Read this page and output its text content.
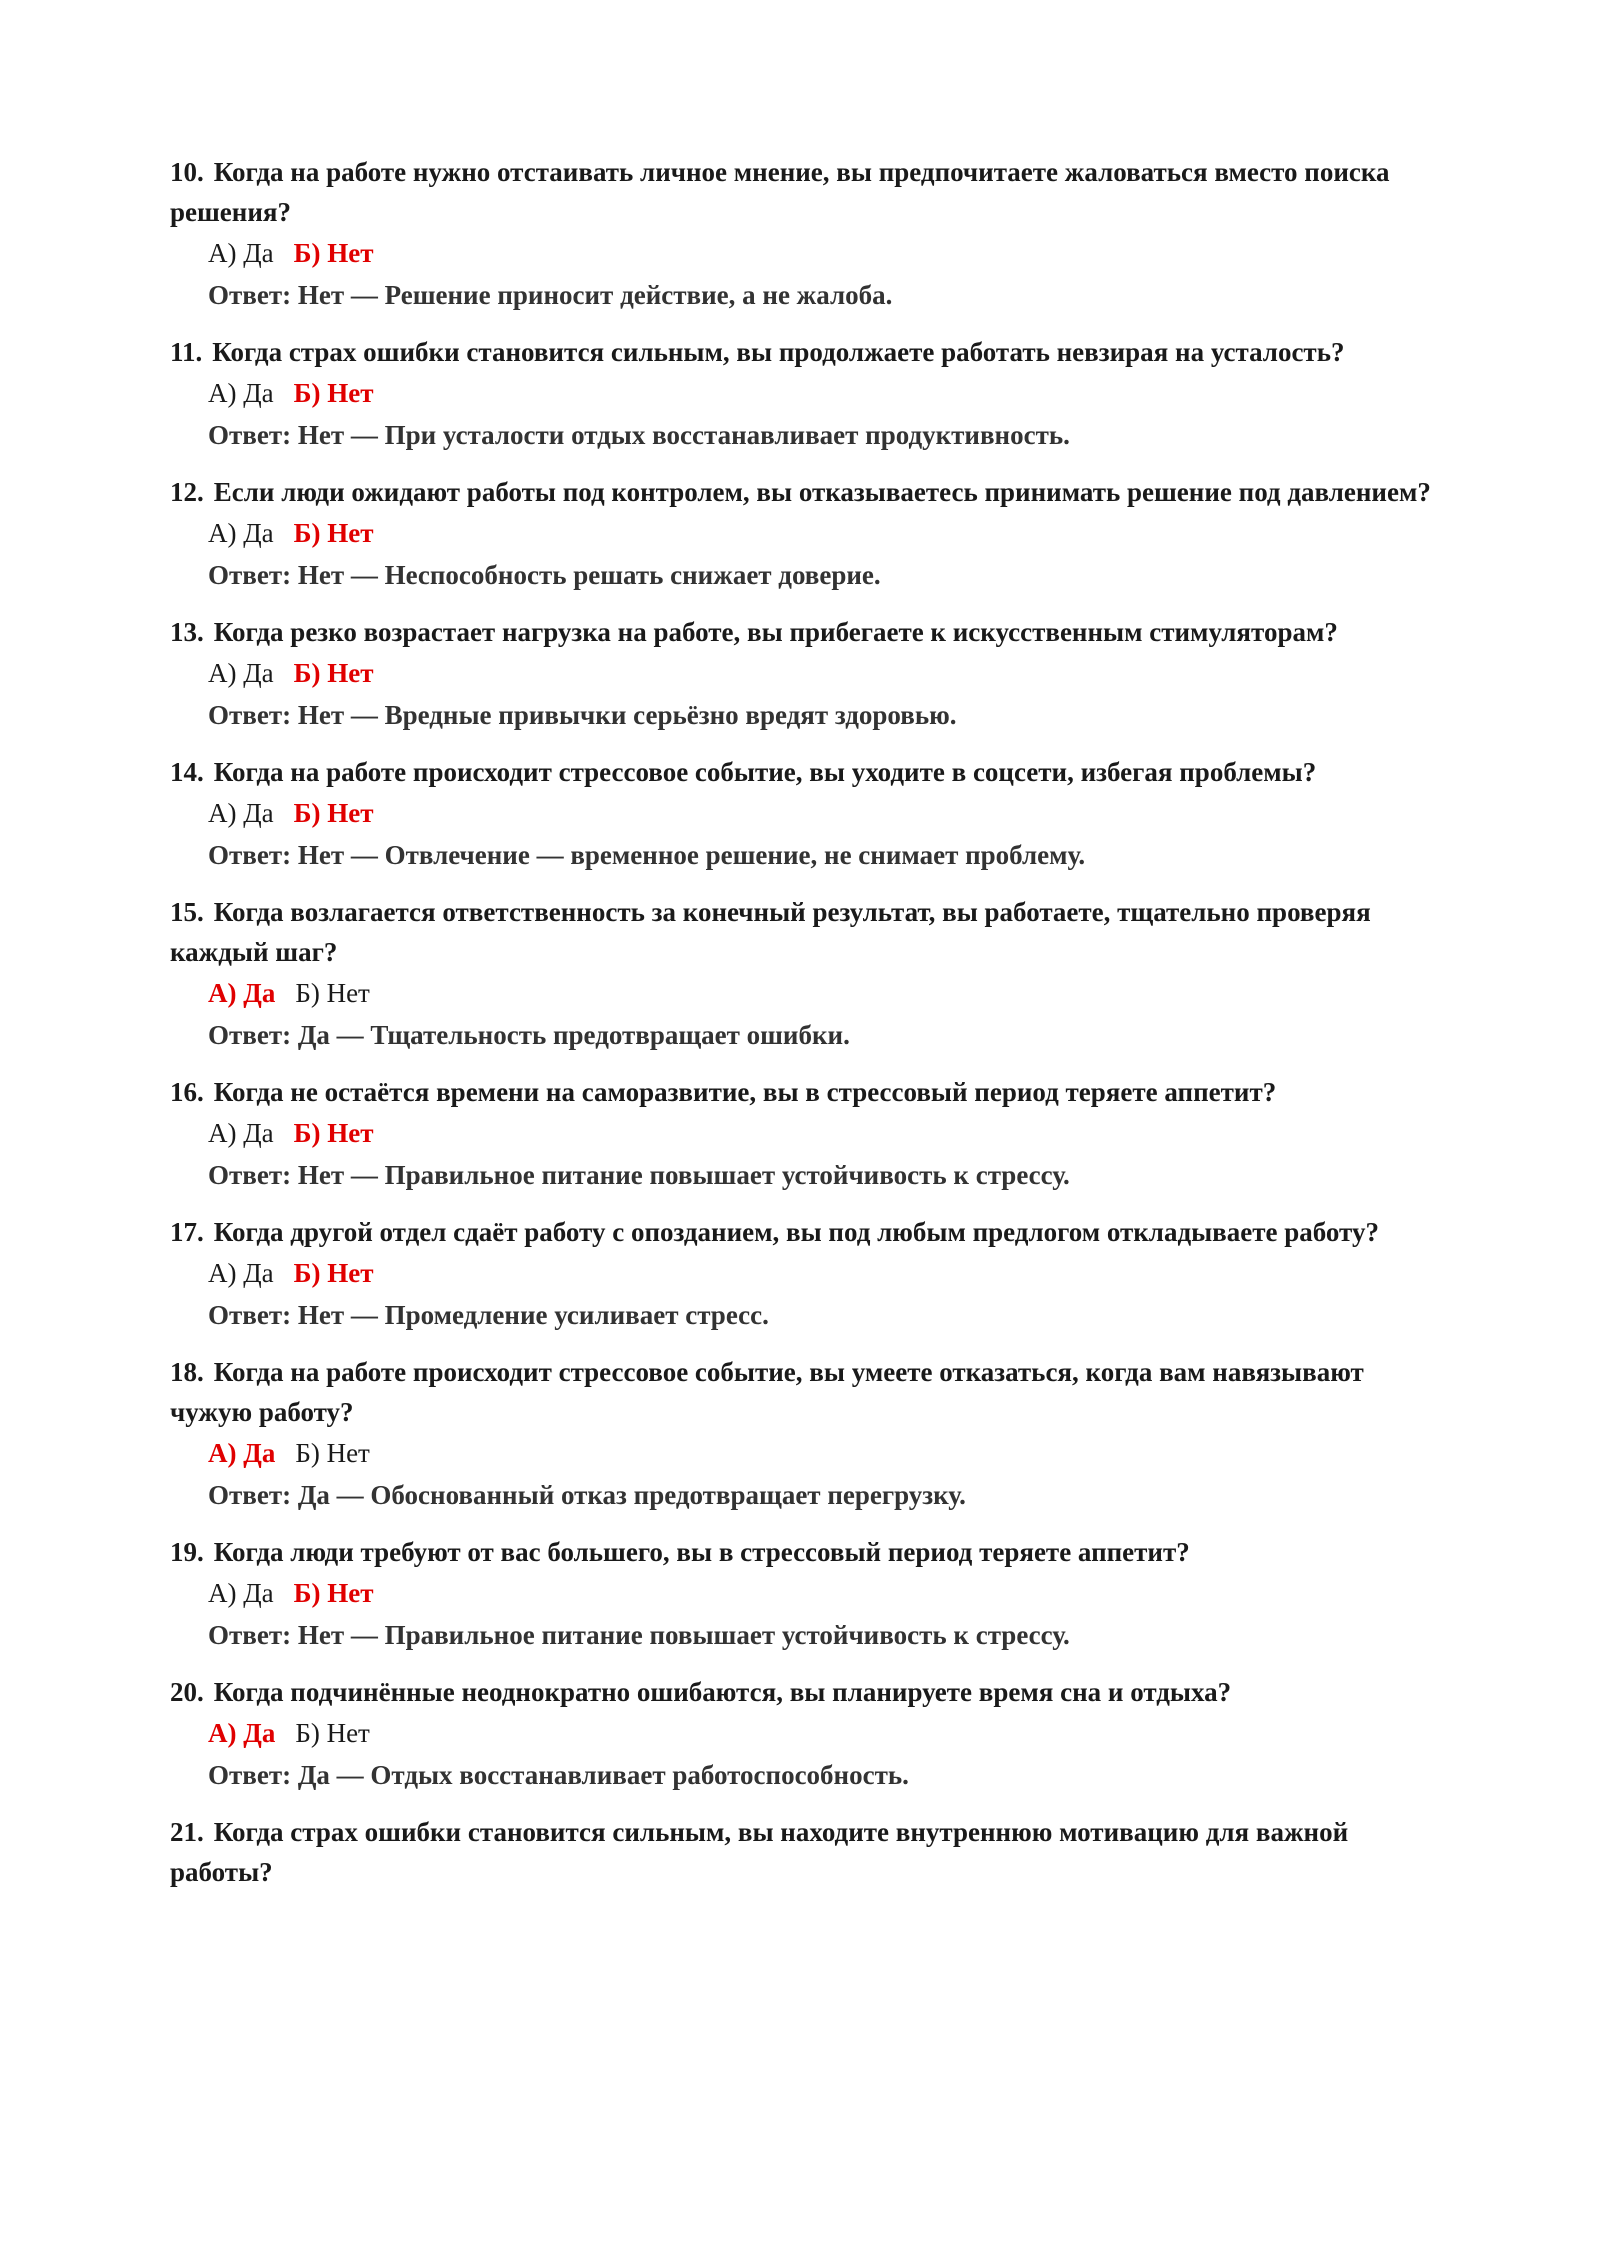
10. Когда на работе нужно отстаивать личное мнение, вы предпочитаете жаловаться вместо поиска решения?
А) Да Б) Нет
Ответ: Нет — Решение приносит действие, а не жалоба.
11. Когда страх ошибки становится сильным, вы продолжаете работать невзирая на усталость?
А) Да Б) Нет
Ответ: Нет — При усталости отдых восстанавливает продуктивность.
12. Если люди ожидают работы под контролем, вы отказываетесь принимать решение под давлением?
А) Да Б) Нет
Ответ: Нет — Неспособность решать снижает доверие.
13. Когда резко возрастает нагрузка на работе, вы прибегаете к искусственным стимуляторам?
А) Да Б) Нет
Ответ: Нет — Вредные привычки серьёзно вредят здоровью.
14. Когда на работе происходит стрессовое событие, вы уходите в соцсети, избегая проблемы?
А) Да Б) Нет
Ответ: Нет — Отвлечение — временное решение, не снимает проблему.
15. Когда возлагается ответственность за конечный результат, вы работаете, тщательно проверяя каждый шаг?
А) Да Б) Нет
Ответ: Да — Тщательность предотвращает ошибки.
16. Когда не остаётся времени на саморазвитие, вы в стрессовый период теряете аппетит?
А) Да Б) Нет
Ответ: Нет — Правильное питание повышает устойчивость к стрессу.
17. Когда другой отдел сдаёт работу с опозданием, вы под любым предлогом откладываете работу?
А) Да Б) Нет
Ответ: Нет — Промедление усиливает стресс.
18. Когда на работе происходит стрессовое событие, вы умеете отказаться, когда вам навязывают чужую работу?
А) Да Б) Нет
Ответ: Да — Обоснованный отказ предотвращает перегрузку.
19. Когда люди требуют от вас большего, вы в стрессовый период теряете аппетит?
А) Да Б) Нет
Ответ: Нет — Правильное питание повышает устойчивость к стрессу.
20. Когда подчинённые неоднократно ошибаются, вы планируете время сна и отдыха?
А) Да Б) Нет
Ответ: Да — Отдых восстанавливает работоспособность.
21. Когда страх ошибки становится сильным, вы находите внутреннюю мотивацию для важной работы?
